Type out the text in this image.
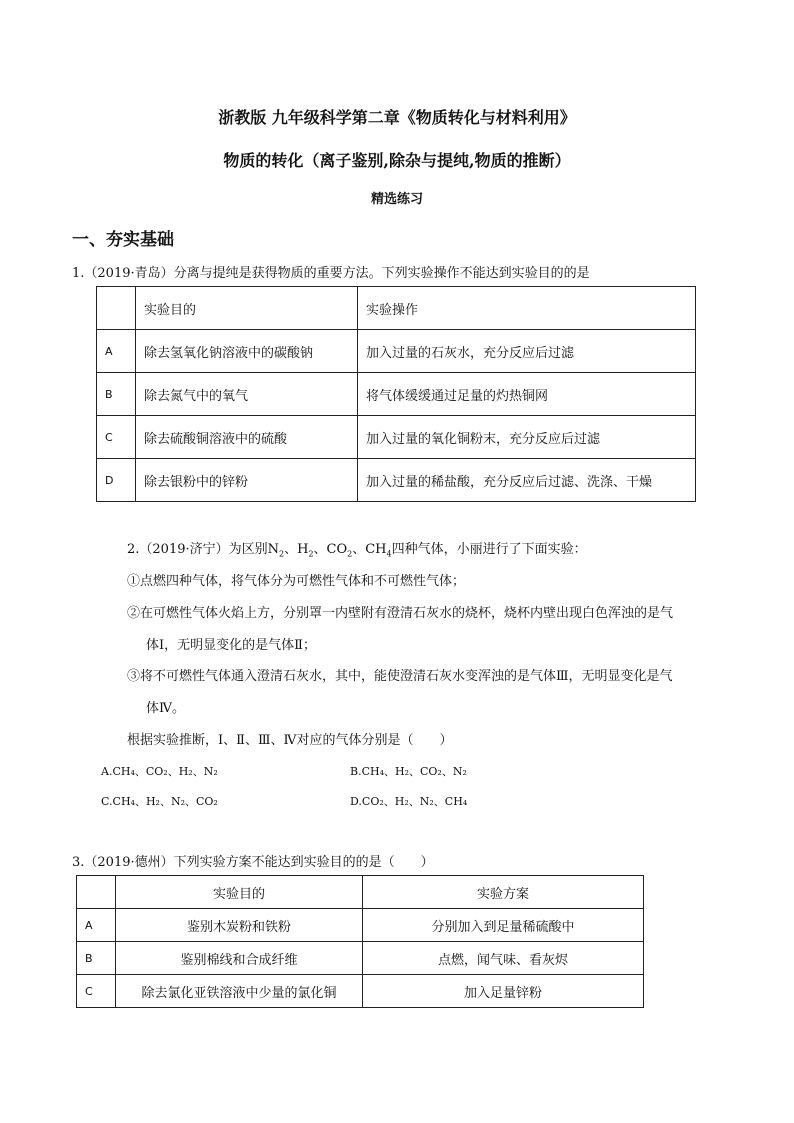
浙教版 九年级科学第二章《物质转化与材料利用》
物质的转化（离子鉴别,除杂与提纯,物质的推断）
精选练习
一、夯实基础
1.（2019·青岛）分离与提纯是获得物质的重要方法。下列实验操作不能达到实验目的的是
	实验目的	实验操作
A	除去氢氧化钠溶液中的碳酸钠	加入过量的石灰水，充分反应后过滤
B	除去氮气中的氧气	将气体缓缓通过足量的灼热铜网
C	除去硫酸铜溶液中的硫酸	加入过量的氧化铜粉末，充分反应后过滤
D	除去银粉中的锌粉	加入过量的稀盐酸，充分反应后过滤、洗涤、干燥
2.（2019·济宁）为区别$N_2$、$H_2$、$CO_2$、$CH_4$四种气体，小丽进行了下面实验：
①点燃四种气体，将气体分为可燃性气体和不可燃性气体；
②在可燃性气体火焰上方，分别罩一内壁附有澄清石灰水的烧杯，烧杯内壁出现白色浑浊的是气
体Ⅰ，无明显变化的是气体Ⅱ；
③将不可燃性气体通入澄清石灰水，其中，能使澄清石灰水变浑浊的是气体Ⅲ，无明显变化是气
体Ⅳ。
根据实验推断，Ⅰ、Ⅱ、Ⅲ、Ⅳ对应的气体分别是（　　）
A.CH₄、CO₂、H₂、N₂	B.CH₄、H₂、CO₂、N₂
C.CH₄、H₂、N₂、CO₂	D.CO₂、H₂、N₂、CH₄
3.（2019·德州）下列实验方案不能达到实验目的的是（　　）
	实验目的	实验方案
A	鉴别木炭粉和铁粉	分别加入到足量稀硫酸中
B	鉴别棉线和合成纤维	点燃，闻气味、看灰烬
C	除去氯化亚铁溶液中少量的氯化铜	加入足量锌粉
